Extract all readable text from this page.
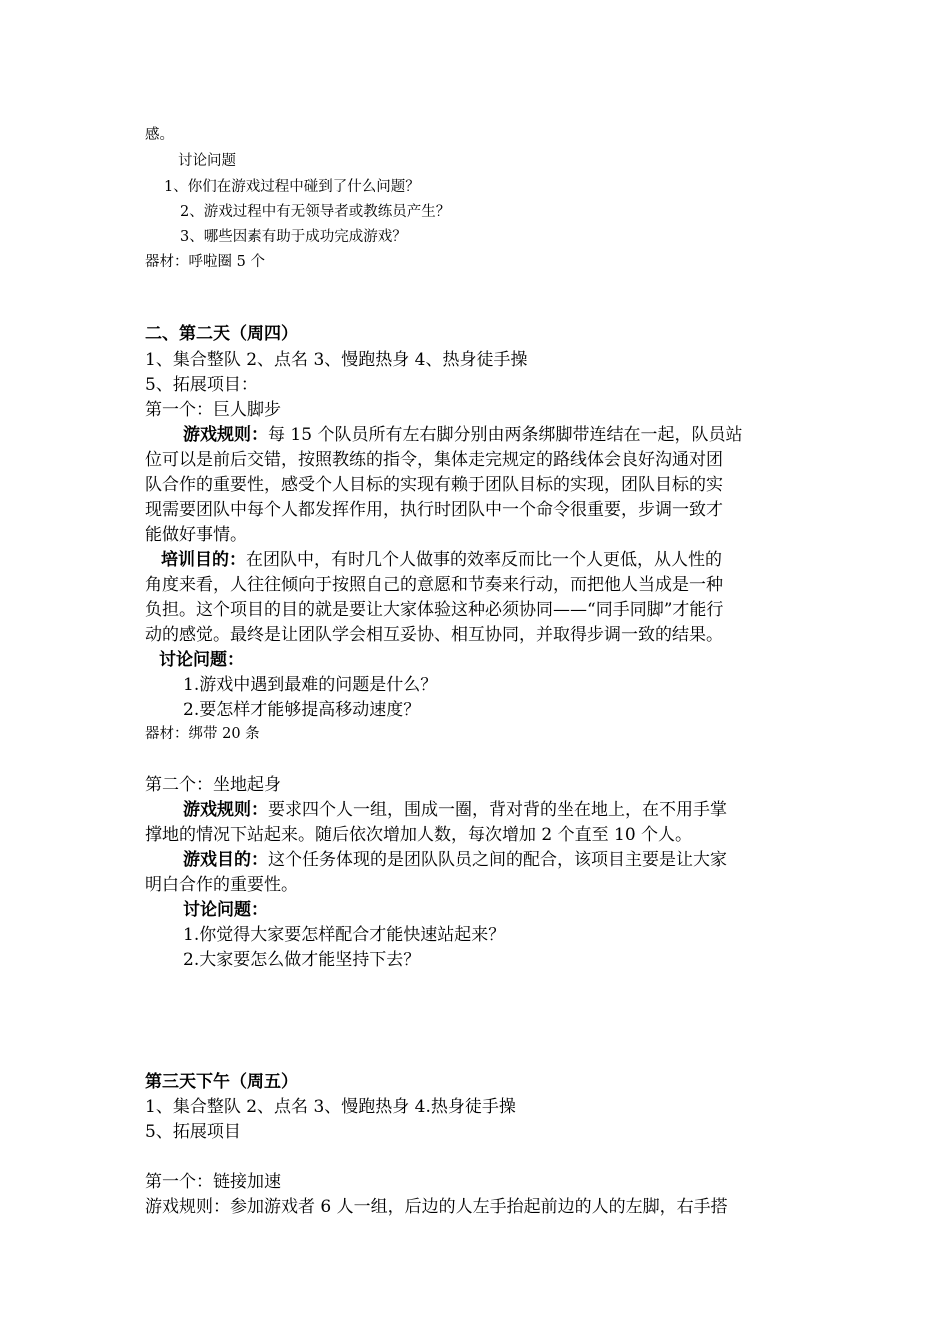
感。
讨论问题
1、你们在游戏过程中碰到了什么问题？
2、游戏过程中有无领导者或教练员产生？
3、哪些因素有助于成功完成游戏？
器材：呼啦圈 5 个
二、第二天（周四）
1、集合整队 2、点名 3、慢跑热身 4、热身徒手操
5、拓展项目：
第一个：巨人脚步
游戏规则：每 15 个队员所有左右脚分别由两条绑脚带连结在一起，队员站
位可以是前后交错，按照教练的指令，集体走完规定的路线体会良好沟通对团
队合作的重要性，感受个人目标的实现有赖于团队目标的实现，团队目标的实
现需要团队中每个人都发挥作用，执行时团队中一个命令很重要，步调一致才
能做好事情。
培训目的：在团队中，有时几个人做事的效率反而比一个人更低，从人性的
角度来看，人往往倾向于按照自己的意愿和节奏来行动，而把他人当成是一种
负担。这个项目的目的就是要让大家体验这种必须协同——“同手同脚”才能行
动的感觉。最终是让团队学会相互妥协、相互协同，并取得步调一致的结果。
讨论问题：
1.游戏中遇到最难的问题是什么？
2.要怎样才能够提高移动速度？
器材：绑带 20 条
第二个：坐地起身
游戏规则：要求四个人一组，围成一圈，背对背的坐在地上，在不用手掌
撑地的情况下站起来。随后依次增加人数，每次增加 2 个直至 10 个人。
游戏目的：这个任务体现的是团队队员之间的配合，该项目主要是让大家
明白合作的重要性。
讨论问题：
1.你觉得大家要怎样配合才能快速站起来？
2.大家要怎么做才能坚持下去？
第三天下午（周五）
1、集合整队 2、点名 3、慢跑热身 4.热身徒手操
5、拓展项目
第一个：链接加速
游戏规则：参加游戏者 6 人一组，后边的人左手抬起前边的人的左脚，右手搭
